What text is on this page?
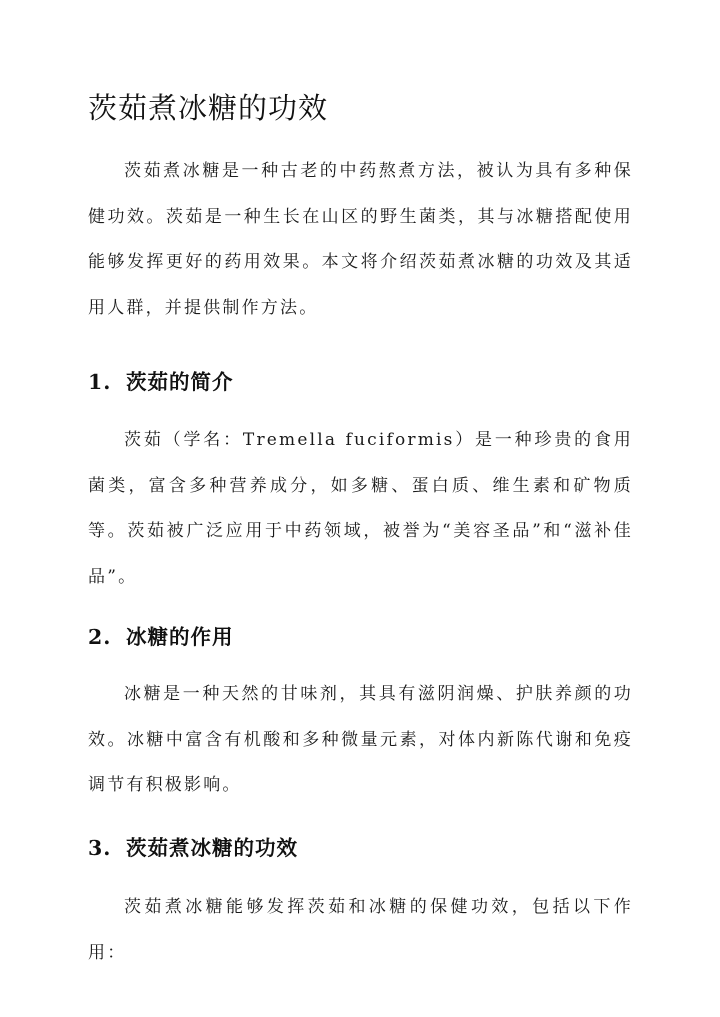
茨茹煮冰糖的功效

茨茹煮冰糖是一种古老的中药熬煮方法，被认为具有多种保健功效。茨茹是一种生长在山区的野生菌类，其与冰糖搭配使用能够发挥更好的药用效果。本文将介绍茨茹煮冰糖的功效及其适用人群，并提供制作方法。

1. 茨茹的简介

茨茹（学名：Tremella fuciformis）是一种珍贵的食用菌类，富含多种营养成分，如多糖、蛋白质、维生素和矿物质等。茨茹被广泛应用于中药领域，被誉为“美容圣品”和“滋补佳品”。

2. 冰糖的作用

冰糖是一种天然的甘味剂，其具有滋阴润燥、护肤养颜的功效。冰糖中富含有机酸和多种微量元素，对体内新陈代谢和免疫调节有积极影响。

3. 茨茹煮冰糖的功效

茨茹煮冰糖能够发挥茨茹和冰糖的保健功效，包括以下作用：
